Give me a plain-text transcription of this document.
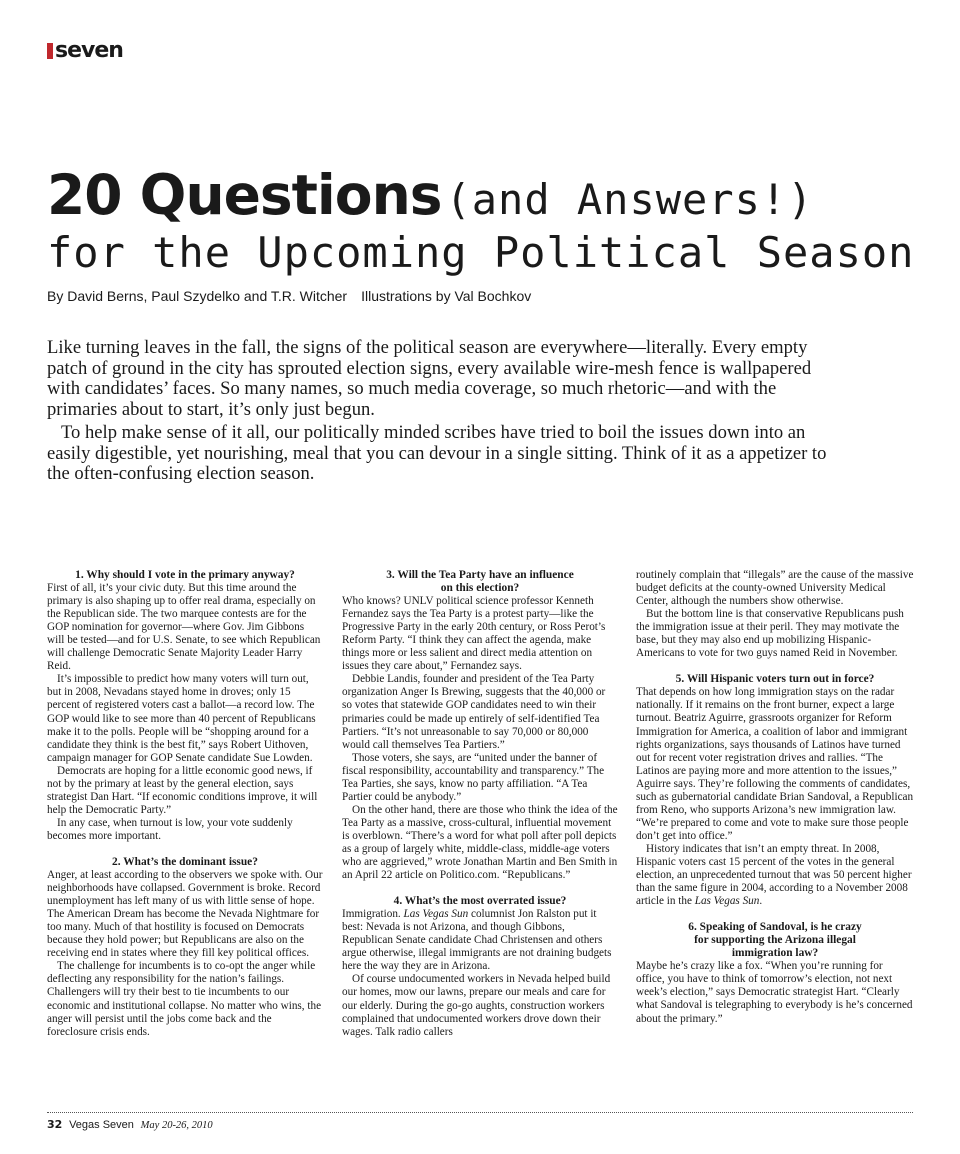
seven
20 Questions (and Answers!)
for the Upcoming Political Season
By David Berns, Paul Szydelko and T.R. Witcher Illustrations by Val Bochkov

Like turning leaves in the fall, the signs of the political season are everywhere—literally. Every empty patch of ground in the city has sprouted election signs, every available wire-mesh fence is wallpapered with candidates’ faces. So many names, so much media coverage, so much rhetoric—and with the primaries about to start, it’s only just begun.

To help make sense of it all, our politically minded scribes have tried to boil the issues down into an easily digestible, yet nourishing, meal that you can devour in a single sitting. Think of it as a appetizer to the often-confusing election season.

1. Why should I vote in the primary anyway?

First of all, it’s your civic duty. But this time around the primary is also shaping up to offer real drama, especially on the Republican side. The two marquee contests are for the GOP nomination for governor—where Gov. Jim Gibbons will be tested—and for U.S. Senate, to see which Republican will challenge Democratic Senate Majority Leader Harry Reid.

It’s impossible to predict how many voters will turn out, but in 2008, Nevadans stayed home in droves; only 15 percent of registered voters cast a ballot—a record low. The GOP would like to see more than 40 percent of Republicans make it to the polls. People will be “shopping around for a candidate they think is the best fit,” says Robert Uithoven, campaign manager for GOP Senate candidate Sue Lowden.

Democrats are hoping for a little economic good news, if not by the primary at least by the general election, says strategist Dan Hart. “If economic conditions improve, it will help the Democratic Party.”

In any case, when turnout is low, your vote suddenly becomes more important.

2. What’s the dominant issue?

Anger, at least according to the observers we spoke with. Our neighborhoods have collapsed. Government is broke. Record unemployment has left many of us with little sense of hope. The American Dream has become the Nevada Nightmare for too many. Much of that hostility is focused on Democrats because they hold power; but Republicans are also on the receiving end in states where they fill key political offices.

The challenge for incumbents is to co-opt the anger while deflecting any responsibility for the nation’s failings. Challengers will try their best to tie incumbents to our economic and institutional collapse. No matter who wins, the anger will persist until the jobs come back and the foreclosure crisis ends.

3. Will the Tea Party have an influence
on this election?

Who knows? UNLV political science professor Kenneth Fernandez says the Tea Party is a protest party—like the Progressive Party in the early 20th century, or Ross Perot’s Reform Party. “I think they can affect the agenda, make things more or less salient and direct media attention on issues they care about,” Fernandez says.

Debbie Landis, founder and president of the Tea Party organization Anger Is Brewing, suggests that the 40,000 or so votes that statewide GOP candidates need to win their primaries could be made up entirely of self-identified Tea Partiers. “It’s not unreasonable to say 70,000 or 80,000 would call themselves Tea Partiers.”

Those voters, she says, are “united under the banner of fiscal responsibility, accountability and transparency.” The Tea Parties, she says, know no party affiliation. “A Tea Partier could be anybody.”

On the other hand, there are those who think the idea of the Tea Party as a massive, cross-cultural, influential movement is overblown. “There’s a word for what poll after poll depicts as a group of largely white, middle-class, middle-age voters who are aggrieved,” wrote Jonathan Martin and Ben Smith in an April 22 article on Politico.com. “Republicans.”

4. What’s the most overrated issue?

Immigration. Las Vegas Sun columnist Jon Ralston put it best: Nevada is not Arizona, and though Gibbons, Republican Senate candidate Chad Christensen and others argue otherwise, illegal immigrants are not draining budgets here the way they are in Arizona.

Of course undocumented workers in Nevada helped build our homes, mow our lawns, prepare our meals and care for our elderly. During the go-go aughts, construction workers complained that undocumented workers drove down their wages. Talk radio callers

routinely complain that “illegals” are the cause of the massive budget deficits at the county-owned University Medical Center, although the numbers show otherwise.

But the bottom line is that conservative Republicans push the immigration issue at their peril. They may motivate the base, but they may also end up mobilizing Hispanic-Americans to vote for two guys named Reid in November.

5. Will Hispanic voters turn out in force?

That depends on how long immigration stays on the radar nationally. If it remains on the front burner, expect a large turnout. Beatriz Aguirre, grassroots organizer for Reform Immigration for America, a coalition of labor and immigrant rights organizations, says thousands of Latinos have turned out for recent voter registration drives and rallies. “The Latinos are paying more and more attention to the issues,” Aguirre says. They’re following the comments of candidates, such as gubernatorial candidate Brian Sandoval, a Republican from Reno, who supports Arizona’s new immigration law. “We’re prepared to come and vote to make sure those people don’t get into office.”

History indicates that isn’t an empty threat. In 2008, Hispanic voters cast 15 percent of the votes in the general election, an unprecedented turnout that was 50 percent higher than the same figure in 2004, according to a November 2008 article in the Las Vegas Sun.

6. Speaking of Sandoval, is he crazy
for supporting the Arizona illegal
immigration law?

Maybe he’s crazy like a fox. “When you’re running for office, you have to think of tomorrow’s election, not next week’s election,” says Democratic strategist Hart. “Clearly what Sandoval is telegraphing to everybody is he’s concerned about the primary.”

32 Vegas Seven May 20-26, 2010
